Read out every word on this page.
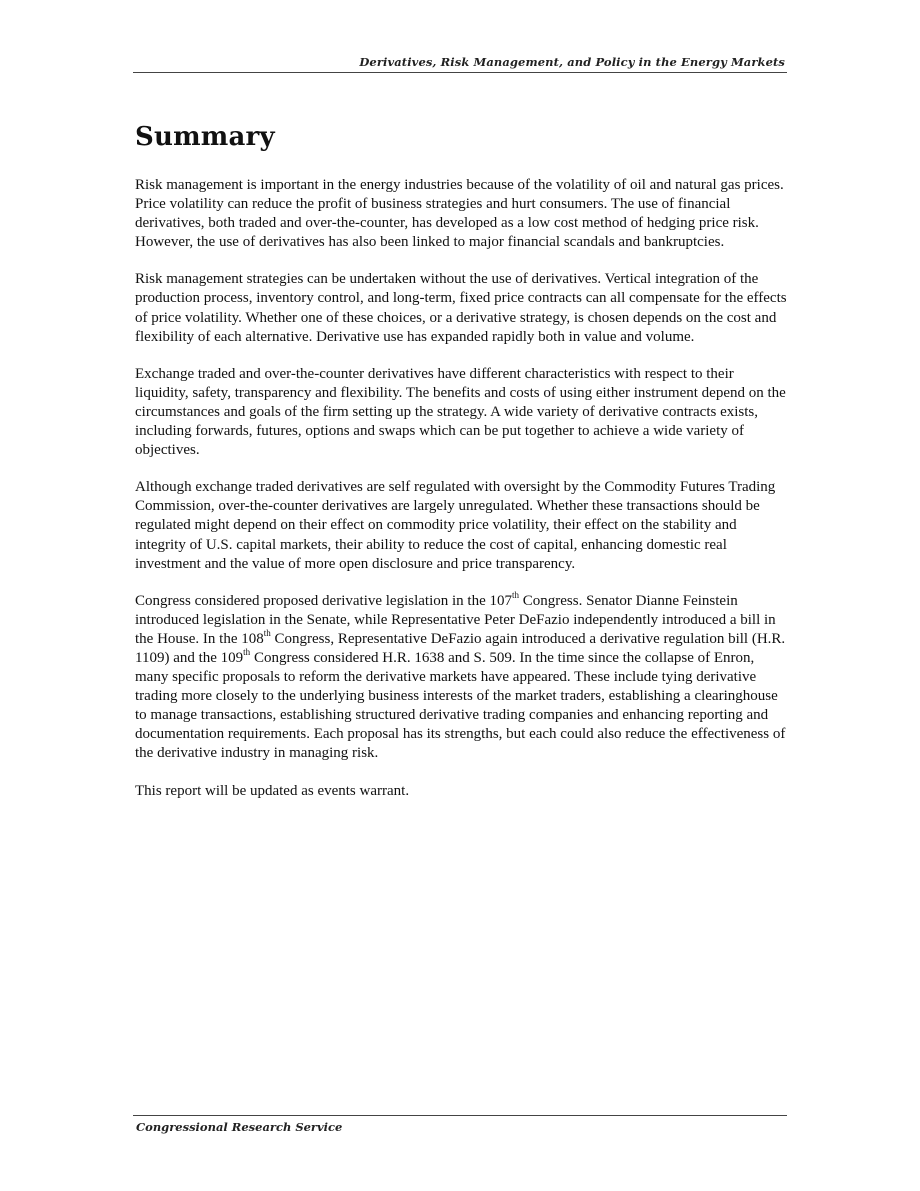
Derivatives, Risk Management, and Policy in the Energy Markets
Summary

Risk management is important in the energy industries because of the volatility of oil and natural gas prices. Price volatility can reduce the profit of business strategies and hurt consumers. The use of financial derivatives, both traded and over-the-counter, has developed as a low cost method of hedging price risk. However, the use of derivatives has also been linked to major financial scandals and bankruptcies.

Risk management strategies can be undertaken without the use of derivatives. Vertical integration of the production process, inventory control, and long-term, fixed price contracts can all compensate for the effects of price volatility. Whether one of these choices, or a derivative strategy, is chosen depends on the cost and flexibility of each alternative. Derivative use has expanded rapidly both in value and volume.

Exchange traded and over-the-counter derivatives have different characteristics with respect to their liquidity, safety, transparency and flexibility. The benefits and costs of using either instrument depend on the circumstances and goals of the firm setting up the strategy. A wide variety of derivative contracts exists, including forwards, futures, options and swaps which can be put together to achieve a wide variety of objectives.

Although exchange traded derivatives are self regulated with oversight by the Commodity Futures Trading Commission, over-the-counter derivatives are largely unregulated. Whether these transactions should be regulated might depend on their effect on commodity price volatility, their effect on the stability and integrity of U.S. capital markets, their ability to reduce the cost of capital, enhancing domestic real investment and the value of more open disclosure and price transparency.

Congress considered proposed derivative legislation in the 107th Congress. Senator Dianne Feinstein introduced legislation in the Senate, while Representative Peter DeFazio independently introduced a bill in the House. In the 108th Congress, Representative DeFazio again introduced a derivative regulation bill (H.R. 1109) and the 109th Congress considered H.R. 1638 and S. 509. In the time since the collapse of Enron, many specific proposals to reform the derivative markets have appeared. These include tying derivative trading more closely to the underlying business interests of the market traders, establishing a clearinghouse to manage transactions, establishing structured derivative trading companies and enhancing reporting and documentation requirements. Each proposal has its strengths, but each could also reduce the effectiveness of the derivative industry in managing risk.

This report will be updated as events warrant.

Congressional Research Service
